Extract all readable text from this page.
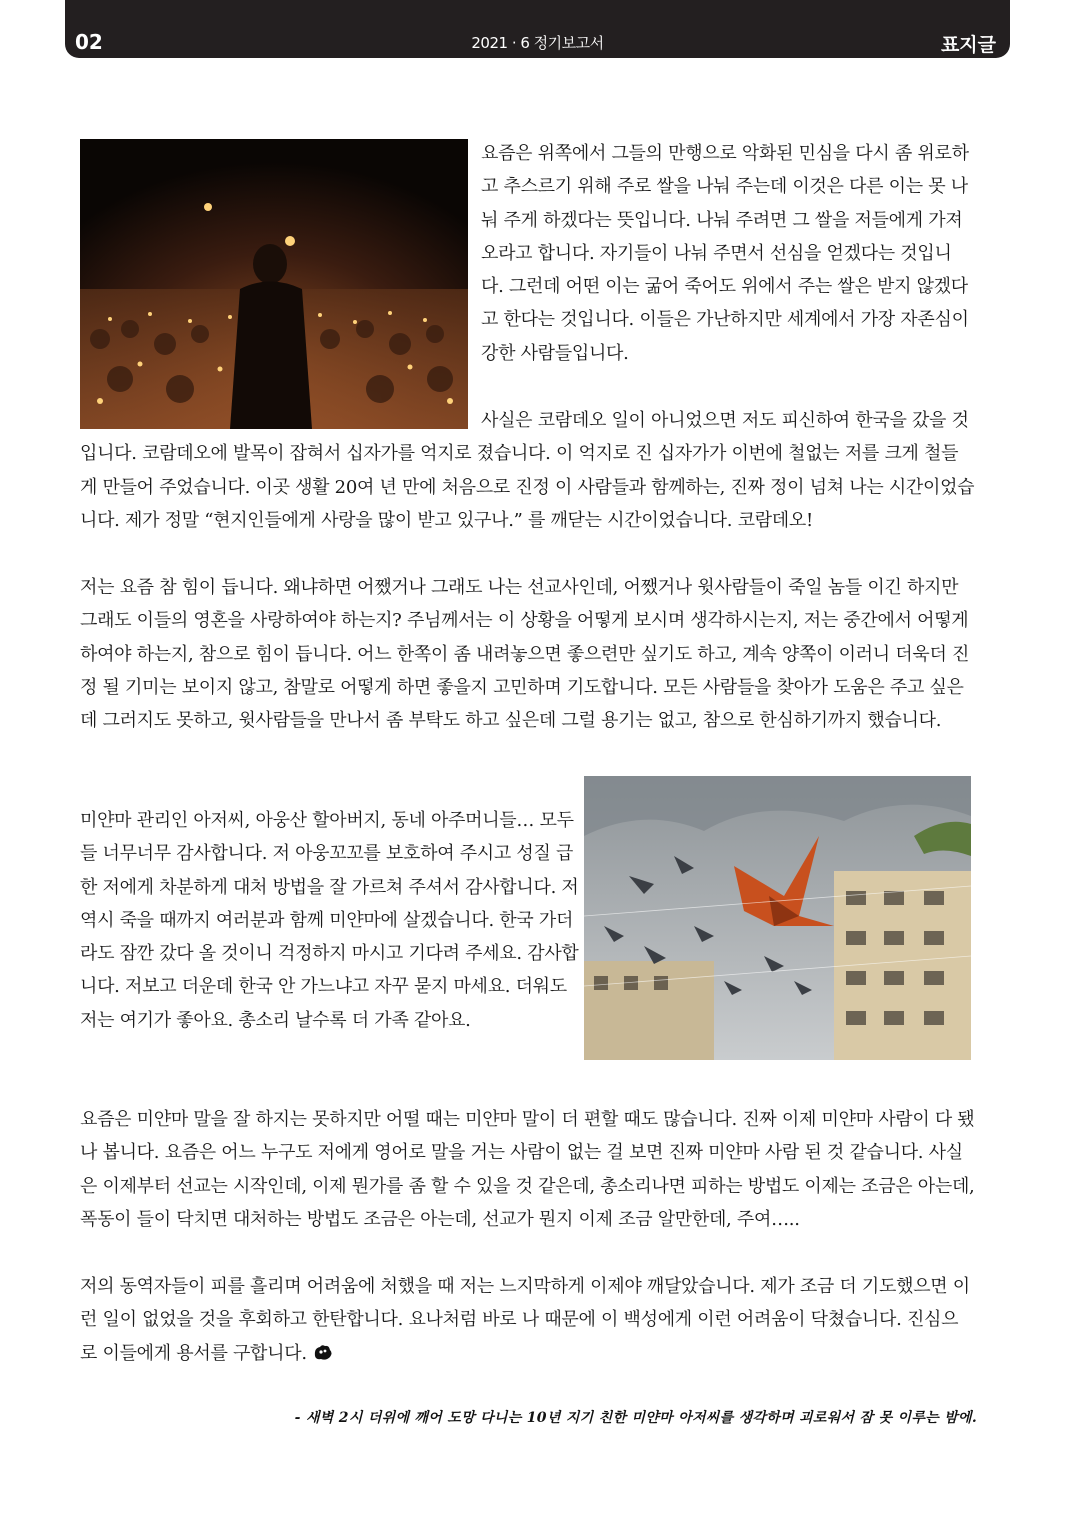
02	2021 · 6 정기보고서	표지글

요즘은 위쪽에서 그들의 만행으로 악화된 민심을 다시 좀 위로하고 추스르기 위해 주로 쌀을 나눠 주는데 이것은 다른 이는 못 나눠 주게 하겠다는 뜻입니다. 나눠 주려면 그 쌀을 저들에게 가져오라고 합니다. 자기들이 나눠 주면서 선심을 얻겠다는 것입니다. 그런데 어떤 이는 굶어 죽어도 위에서 주는 쌀은 받지 않겠다고 한다는 것입니다. 이들은 가난하지만 세계에서 가장 자존심이 강한 사람들입니다.

사실은 코람데오 일이 아니었으면 저도 피신하여 한국을 갔을 것입니다. 코람데오에 발목이 잡혀서 십자가를 억지로 졌습니다. 이 억지로 진 십자가가 이번에 철없는 저를 크게 철들게 만들어 주었습니다. 이곳 생활 20여 년 만에 처음으로 진정 이 사람들과 함께하는, 진짜 정이 넘쳐 나는 시간이었습니다. 제가 정말 “현지인들에게 사랑을 많이 받고 있구나.” 를 깨닫는 시간이었습니다. 코람데오!

저는 요즘 참 힘이 듭니다. 왜냐하면 어쨌거나 그래도 나는 선교사인데, 어쨌거나 윗사람들이 죽일 놈들 이긴 하지만 그래도 이들의 영혼을 사랑하여야 하는지? 주님께서는 이 상황을 어떻게 보시며 생각하시는지, 저는 중간에서 어떻게 하여야 하는지, 참으로 힘이 듭니다. 어느 한쪽이 좀 내려놓으면 좋으련만 싶기도 하고, 계속 양쪽이 이러니 더욱더 진정 될 기미는 보이지 않고, 참말로 어떻게 하면 좋을지 고민하며 기도합니다. 모든 사람들을 찾아가 도움은 주고 싶은데 그러지도 못하고, 윗사람들을 만나서 좀 부탁도 하고 싶은데 그럴 용기는 없고, 참으로 한심하기까지 했습니다.

미얀마 관리인 아저씨, 아웅산 할아버지, 동네 아주머니들… 모두들 너무너무 감사합니다. 저 아웅꼬꼬를 보호하여 주시고 성질 급한 저에게 차분하게 대처 방법을 잘 가르쳐 주셔서 감사합니다. 저 역시 죽을 때까지 여러분과 함께 미얀마에 살겠습니다. 한국 가더라도 잠깐 갔다 올 것이니 걱정하지 마시고 기다려 주세요. 감사합니다. 저보고 더운데 한국 안 가느냐고 자꾸 묻지 마세요. 더워도 저는 여기가 좋아요. 총소리 날수록 더 가족 같아요.

요즘은 미얀마 말을 잘 하지는 못하지만 어떨 때는 미얀마 말이 더 편할 때도 많습니다. 진짜 이제 미얀마 사람이 다 됐나 봅니다. 요즘은 어느 누구도 저에게 영어로 말을 거는 사람이 없는 걸 보면 진짜 미얀마 사람 된 것 같습니다. 사실은 이제부터 선교는 시작인데, 이제 뭔가를 좀 할 수 있을 것 같은데, 총소리나면 피하는 방법도 이제는 조금은 아는데, 폭동이 들이 닥치면 대처하는 방법도 조금은 아는데, 선교가 뭔지 이제 조금 알만한데, 주여…..

저의 동역자들이 피를 흘리며 어려움에 처했을 때 저는 느지막하게 이제야 깨달았습니다. 제가 조금 더 기도했으면 이런 일이 없었을 것을 후회하고 한탄합니다. 요나처럼 바로 나 때문에 이 백성에게 이런 어려움이 닥쳤습니다. 진심으로 이들에게 용서를 구합니다.

- 새벽 2시 더위에 깨어 도망 다니는 10년 지기 친한 미얀마 아저씨를 생각하며 괴로워서 잠 못 이루는 밤에.
